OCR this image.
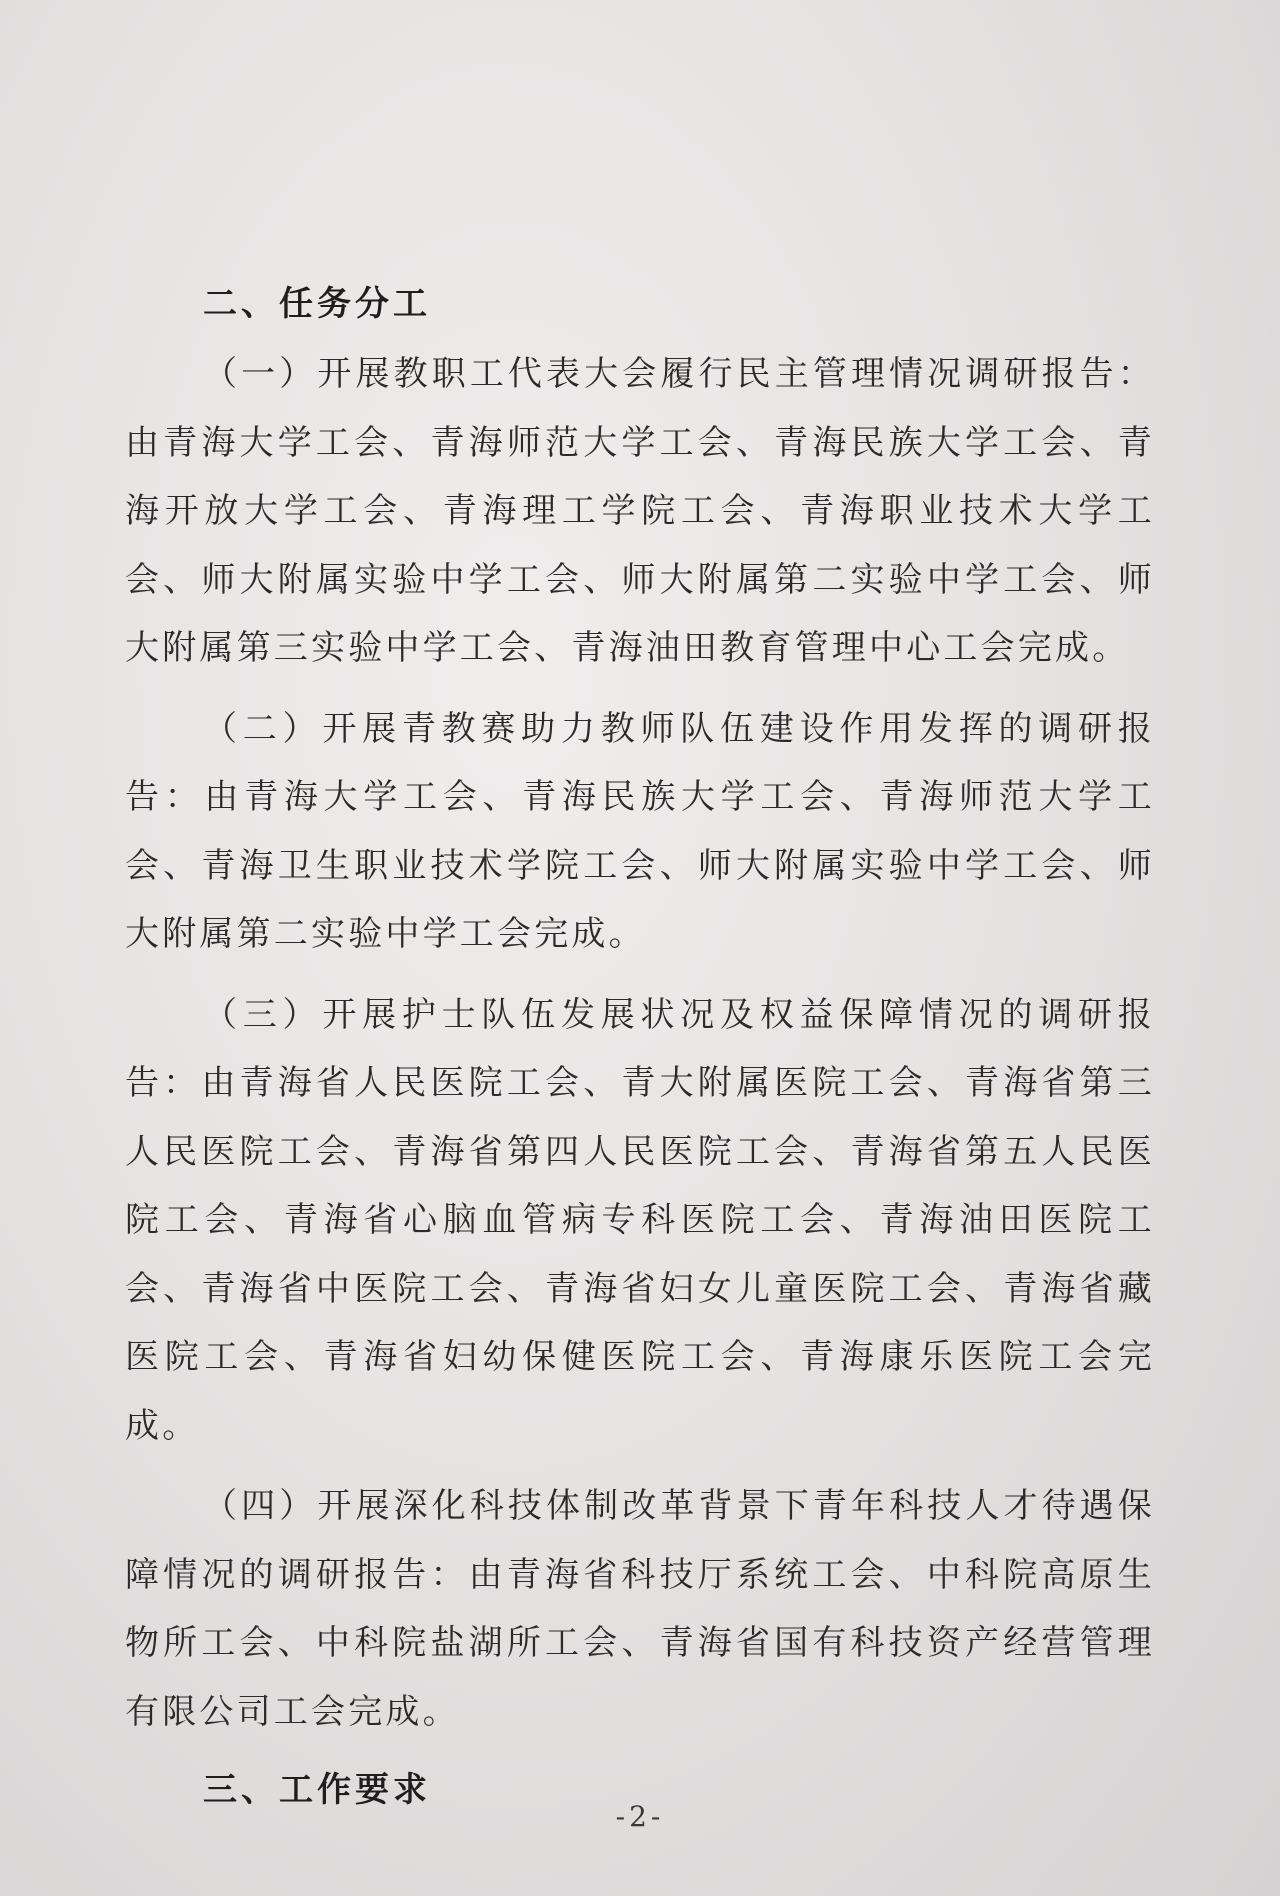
二、任务分工

（一）开展教职工代表大会履行民主管理情况调研报告：由青海大学工会、青海师范大学工会、青海民族大学工会、青海开放大学工会、青海理工学院工会、青海职业技术大学工会、师大附属实验中学工会、师大附属第二实验中学工会、师大附属第三实验中学工会、青海油田教育管理中心工会完成。

（二）开展青教赛助力教师队伍建设作用发挥的调研报告：由青海大学工会、青海民族大学工会、青海师范大学工会、青海卫生职业技术学院工会、师大附属实验中学工会、师大附属第二实验中学工会完成。

（三）开展护士队伍发展状况及权益保障情况的调研报告：由青海省人民医院工会、青大附属医院工会、青海省第三人民医院工会、青海省第四人民医院工会、青海省第五人民医院工会、青海省心脑血管病专科医院工会、青海油田医院工会、青海省中医院工会、青海省妇女儿童医院工会、青海省藏医院工会、青海省妇幼保健医院工会、青海康乐医院工会完成。

（四）开展深化科技体制改革背景下青年科技人才待遇保障情况的调研报告：由青海省科技厅系统工会、中科院高原生物所工会、中科院盐湖所工会、青海省国有科技资产经营管理有限公司工会完成。

三、工作要求
-2-
